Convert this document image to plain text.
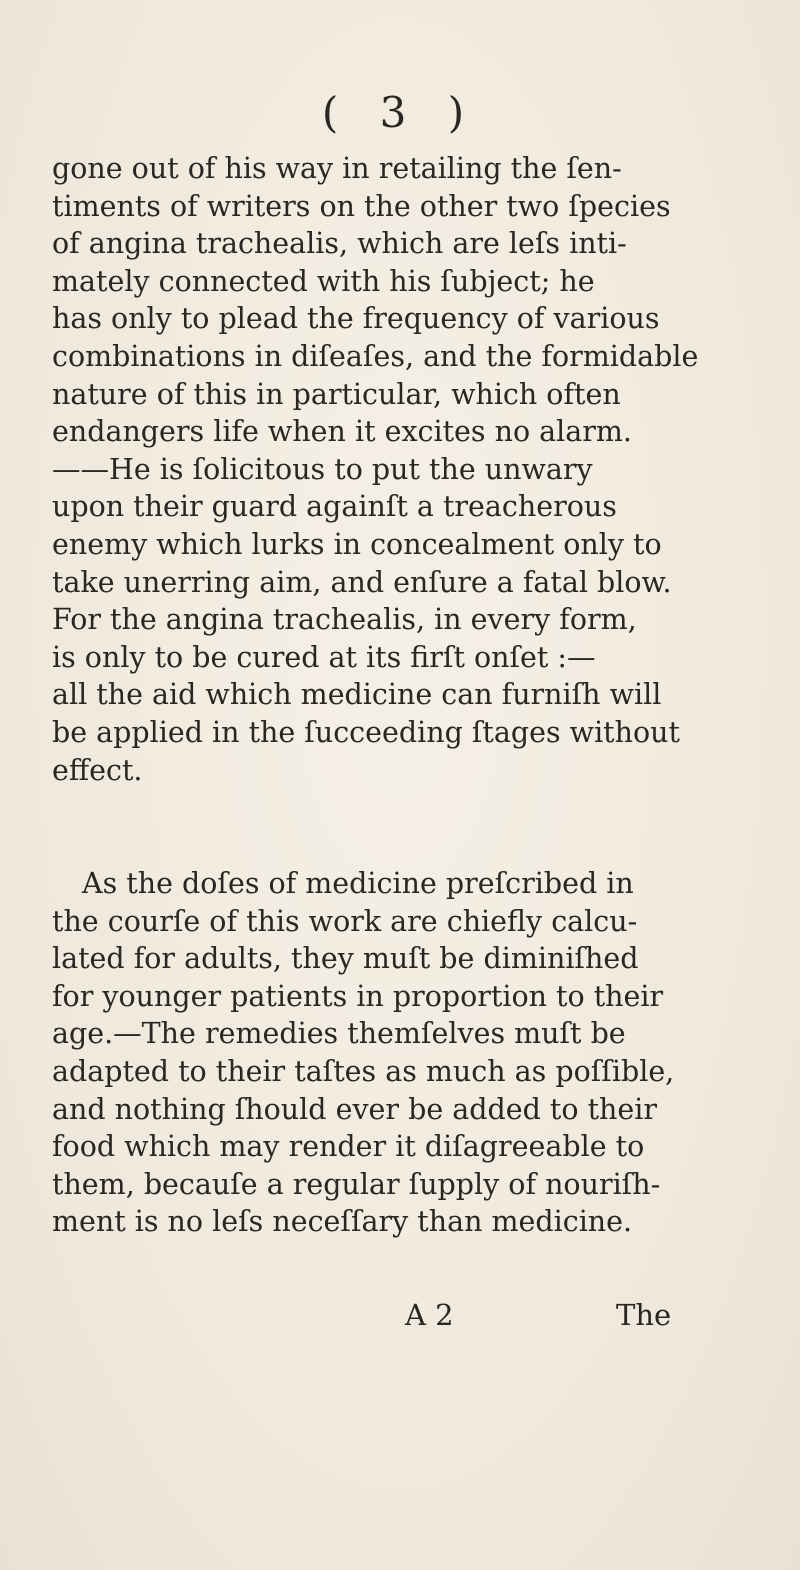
( 3 )
gone out of his way in retailing the ſen-
timents of writers on the other two ſpecies
of angina trachealis, which are leſs inti-
mately connected with his ſubject; he
has only to plead the frequency of various
combinations in diſeaſes, and the formidable
nature of this in particular, which often
endangers life when it excites no alarm.
——He is ſolicitous to put the unwary
upon their guard againſt a treacherous
enemy which lurks in concealment only to
take unerring aim, and enſure a fatal blow.
For the angina trachealis, in every form,
is only to be cured at its firſt onſet :—
all the aid which medicine can furniſh will
be applied in the ſucceeding ſtages without
effect.
As the doſes of medicine preſcribed in
the courſe of this work are chiefly calcu-
lated for adults, they muſt be diminiſhed
for younger patients in proportion to their
age.—The remedies themſelves muſt be
adapted to their taſtes as much as poſſible,
and nothing ſhould ever be added to their
food which may render it diſagreeable to
them, becauſe a regular ſupply of nouriſh-
ment is no leſs neceſſary than medicine.
A 2	The
